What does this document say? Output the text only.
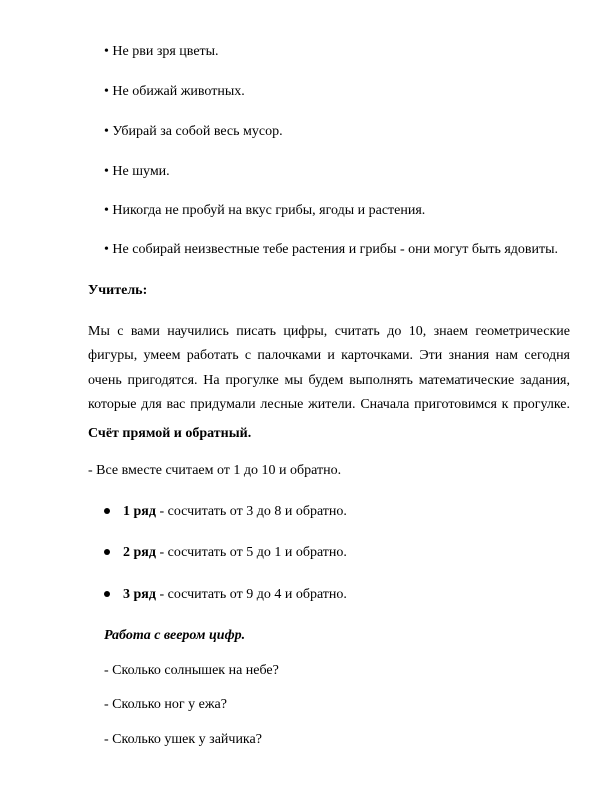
• Не рви зря цветы.
• Не обижай животных.
• Убирай за собой весь мусор.
• Не шуми.
• Никогда не пробуй на вкус грибы, ягоды и растения.
• Не собирай неизвестные тебе растения и грибы - они могут быть ядовиты.
Учитель:
Мы с вами научились писать цифры, считать до 10, знаем геометрические
фигуры, умеем работать с палочками и карточками. Эти знания нам сегодня
очень пригодятся. На прогулке мы будем выполнять математические задания,
которые для вас придумали лесные жители. Сначала приготовимся к прогулке.
Счёт прямой и обратный.
- Все вместе считаем от 1 до 10 и обратно.
1 ряд - сосчитать от 3 до 8 и обратно.
2 ряд - сосчитать от 5 до 1 и обратно.
3 ряд - сосчитать от 9 до 4 и обратно.
Работа с веером цифр.
- Сколько солнышек на небе?
- Сколько ног у ежа?
- Сколько ушек у зайчика?
